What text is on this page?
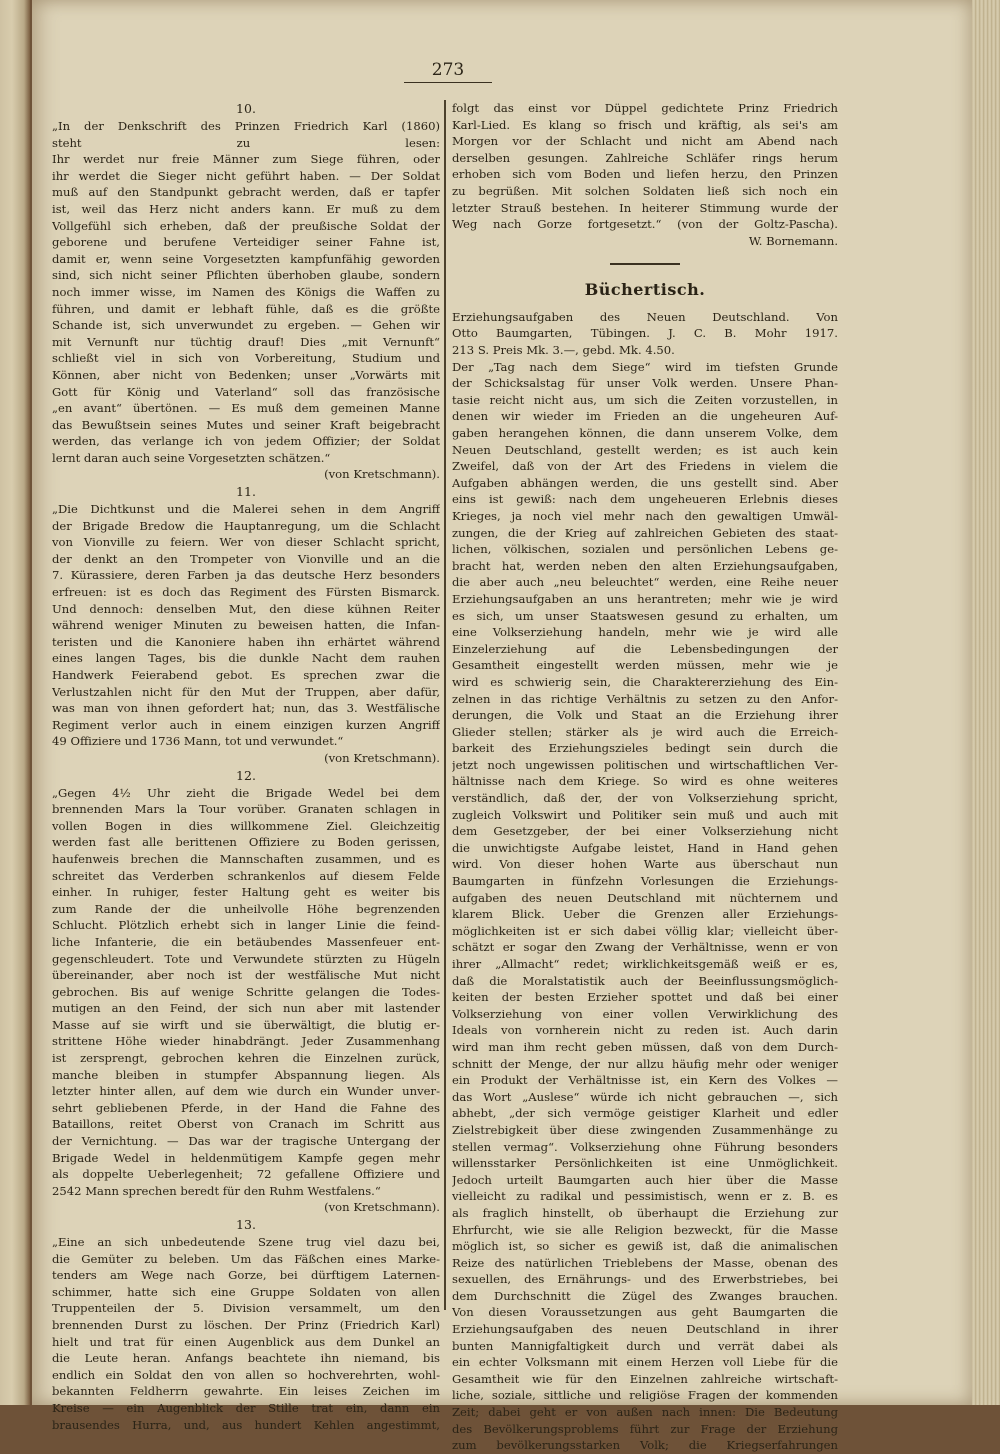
273
10.
„In der Denkschrift des Prinzen Friedrich Karl (1860)
steht zu lesen:
Ihr werdet nur freie Männer zum Siege führen, oder
ihr werdet die Sieger nicht geführt haben. — Der Soldat
muß auf den Standpunkt gebracht werden, daß er tapfer
ist, weil das Herz nicht anders kann. Er muß zu dem
Vollgefühl sich erheben, daß der preußische Soldat der
geborene und berufene Verteidiger seiner Fahne ist,
damit er, wenn seine Vorgesetzten kampfunfähig geworden
sind, sich nicht seiner Pflichten überhoben glaube, sondern
noch immer wisse, im Namen des Königs die Waffen zu
führen, und damit er lebhaft fühle, daß es die größte
Schande ist, sich unverwundet zu ergeben. — Gehen wir
mit Vernunft nur tüchtig drauf! Dies „mit Vernunft“
schließt viel in sich von Vorbereitung, Studium und
Können, aber nicht von Bedenken; unser „Vorwärts mit
Gott für König und Vaterland“ soll das französische
„en avant“ übertönen. — Es muß dem gemeinen Manne
das Bewußtsein seines Mutes und seiner Kraft beigebracht
werden, das verlange ich von jedem Offizier; der Soldat
lernt daran auch seine Vorgesetzten schätzen.“
(von Kretschmann).
11.
„Die Dichtkunst und die Malerei sehen in dem Angriff
der Brigade Bredow die Hauptanregung, um die Schlacht
von Vionville zu feiern. Wer von dieser Schlacht spricht,
der denkt an den Trompeter von Vionville und an die
7. Kürassiere, deren Farben ja das deutsche Herz besonders
erfreuen: ist es doch das Regiment des Fürsten Bismarck.
Und dennoch: denselben Mut, den diese kühnen Reiter
während weniger Minuten zu beweisen hatten, die Infan-
teristen und die Kanoniere haben ihn erhärtet während
eines langen Tages, bis die dunkle Nacht dem rauhen
Handwerk Feierabend gebot. Es sprechen zwar die
Verlustzahlen nicht für den Mut der Truppen, aber dafür,
was man von ihnen gefordert hat; nun, das 3. Westfälische
Regiment verlor auch in einem einzigen kurzen Angriff
49 Offiziere und 1736 Mann, tot und verwundet.“
(von Kretschmann).
12.
„Gegen 4½ Uhr zieht die Brigade Wedel bei dem
brennenden Mars la Tour vorüber. Granaten schlagen in
vollen Bogen in dies willkommene Ziel. Gleichzeitig
werden fast alle berittenen Offiziere zu Boden gerissen,
haufenweis brechen die Mannschaften zusammen, und es
schreitet das Verderben schrankenlos auf diesem Felde
einher. In ruhiger, fester Haltung geht es weiter bis
zum Rande der die unheilvolle Höhe begrenzenden
Schlucht. Plötzlich erhebt sich in langer Linie die feind-
liche Infanterie, die ein betäubendes Massenfeuer ent-
gegenschleudert. Tote und Verwundete stürzten zu Hügeln
übereinander, aber noch ist der westfälische Mut nicht
gebrochen. Bis auf wenige Schritte gelangen die Todes-
mutigen an den Feind, der sich nun aber mit lastender
Masse auf sie wirft und sie überwältigt, die blutig er-
strittene Höhe wieder hinabdrängt. Jeder Zusammenhang
ist zersprengt, gebrochen kehren die Einzelnen zurück,
manche bleiben in stumpfer Abspannung liegen. Als
letzter hinter allen, auf dem wie durch ein Wunder unver-
sehrt gebliebenen Pferde, in der Hand die Fahne des
Bataillons, reitet Oberst von Cranach im Schritt aus
der Vernichtung. — Das war der tragische Untergang der
Brigade Wedel in heldenmütigem Kampfe gegen mehr
als doppelte Ueberlegenheit; 72 gefallene Offiziere und
2542 Mann sprechen beredt für den Ruhm Westfalens.“
(von Kretschmann).
13.
„Eine an sich unbedeutende Szene trug viel dazu bei,
die Gemüter zu beleben. Um das Fäßchen eines Marke-
tenders am Wege nach Gorze, bei dürftigem Laternen-
schimmer, hatte sich eine Gruppe Soldaten von allen
Truppenteilen der 5. Division versammelt, um den
brennenden Durst zu löschen. Der Prinz (Friedrich Karl)
hielt und trat für einen Augenblick aus dem Dunkel an
die Leute heran. Anfangs beachtete ihn niemand, bis
endlich ein Soldat den von allen so hochverehrten, wohl-
bekannten Feldherrn gewahrte. Ein leises Zeichen im
Kreise — ein Augenblick der Stille trat ein, dann ein
brausendes Hurra, und, aus hundert Kehlen angestimmt,
folgt das einst vor Düppel gedichtete Prinz Friedrich
Karl-Lied. Es klang so frisch und kräftig, als sei's am
Morgen vor der Schlacht und nicht am Abend nach
derselben gesungen. Zahlreiche Schläfer rings herum
erhoben sich vom Boden und liefen herzu, den Prinzen
zu begrüßen. Mit solchen Soldaten ließ sich noch ein
letzter Strauß bestehen. In heiterer Stimmung wurde der
Weg nach Gorze fortgesetzt.“ (von der Goltz-Pascha).
W. Bornemann.
Büchertisch.
Erziehungsaufgaben des Neuen Deutschland. Von
Otto Baumgarten, Tübingen. J. C. B. Mohr 1917.
213 S. Preis Mk. 3.—, gebd. Mk. 4.50.
Der „Tag nach dem Siege“ wird im tiefsten Grunde
der Schicksalstag für unser Volk werden. Unsere Phan-
tasie reicht nicht aus, um sich die Zeiten vorzustellen, in
denen wir wieder im Frieden an die ungeheuren Auf-
gaben herangehen können, die dann unserem Volke, dem
Neuen Deutschland, gestellt werden; es ist auch kein
Zweifel, daß von der Art des Friedens in vielem die
Aufgaben abhängen werden, die uns gestellt sind. Aber
eins ist gewiß: nach dem ungeheueren Erlebnis dieses
Krieges, ja noch viel mehr nach den gewaltigen Umwäl-
zungen, die der Krieg auf zahlreichen Gebieten des staat-
lichen, völkischen, sozialen und persönlichen Lebens ge-
bracht hat, werden neben den alten Erziehungsaufgaben,
die aber auch „neu beleuchtet“ werden, eine Reihe neuer
Erziehungsaufgaben an uns herantreten; mehr wie je wird
es sich, um unser Staatswesen gesund zu erhalten, um
eine Volkserziehung handeln, mehr wie je wird alle
Einzelerziehung auf die Lebensbedingungen der
Gesamtheit eingestellt werden müssen, mehr wie je
wird es schwierig sein, die Charaktererziehung des Ein-
zelnen in das richtige Verhältnis zu setzen zu den Anfor-
derungen, die Volk und Staat an die Erziehung ihrer
Glieder stellen; stärker als je wird auch die Erreich-
barkeit des Erziehungszieles bedingt sein durch die
jetzt noch ungewissen politischen und wirtschaftlichen Ver-
hältnisse nach dem Kriege. So wird es ohne weiteres
verständlich, daß der, der von Volkserziehung spricht,
zugleich Volkswirt und Politiker sein muß und auch mit
dem Gesetzgeber, der bei einer Volkserziehung nicht
die unwichtigste Aufgabe leistet, Hand in Hand gehen
wird. Von dieser hohen Warte aus überschaut nun
Baumgarten in fünfzehn Vorlesungen die Erziehungs-
aufgaben des neuen Deutschland mit nüchternem und
klarem Blick. Ueber die Grenzen aller Erziehungs-
möglichkeiten ist er sich dabei völlig klar; vielleicht über-
schätzt er sogar den Zwang der Verhältnisse, wenn er von
ihrer „Allmacht“ redet; wirklichkeitsgemäß weiß er es,
daß die Moralstatistik auch der Beeinflussungsmöglich-
keiten der besten Erzieher spottet und daß bei einer
Volkserziehung von einer vollen Verwirklichung des
Ideals von vornherein nicht zu reden ist. Auch darin
wird man ihm recht geben müssen, daß von dem Durch-
schnitt der Menge, der nur allzu häufig mehr oder weniger
ein Produkt der Verhältnisse ist, ein Kern des Volkes —
das Wort „Auslese“ würde ich nicht gebrauchen —, sich
abhebt, „der sich vermöge geistiger Klarheit und edler
Zielstrebigkeit über diese zwingenden Zusammenhänge zu
stellen vermag“. Volkserziehung ohne Führung besonders
willensstarker Persönlichkeiten ist eine Unmöglichkeit.
Jedoch urteilt Baumgarten auch hier über die Masse
vielleicht zu radikal und pessimistisch, wenn er z. B. es
als fraglich hinstellt, ob überhaupt die Erziehung zur
Ehrfurcht, wie sie alle Religion bezweckt, für die Masse
möglich ist, so sicher es gewiß ist, daß die animalischen
Reize des natürlichen Trieblebens der Masse, obenan des
sexuellen, des Ernährungs- und des Erwerbstriebes, bei
dem Durchschnitt die Zügel des Zwanges brauchen.
Von diesen Voraussetzungen aus geht Baumgarten die
Erziehungsaufgaben des neuen Deutschland in ihrer
bunten Mannigfaltigkeit durch und verrät dabei als
ein echter Volksmann mit einem Herzen voll Liebe für die
Gesamtheit wie für den Einzelnen zahlreiche wirtschaft-
liche, soziale, sittliche und religiöse Fragen der kommenden
Zeit; dabei geht er von außen nach innen: Die Bedeutung
des Bevölkerungsproblems führt zur Frage der Erziehung
zum bevölkerungsstarken Volk; die Kriegserfahrungen
